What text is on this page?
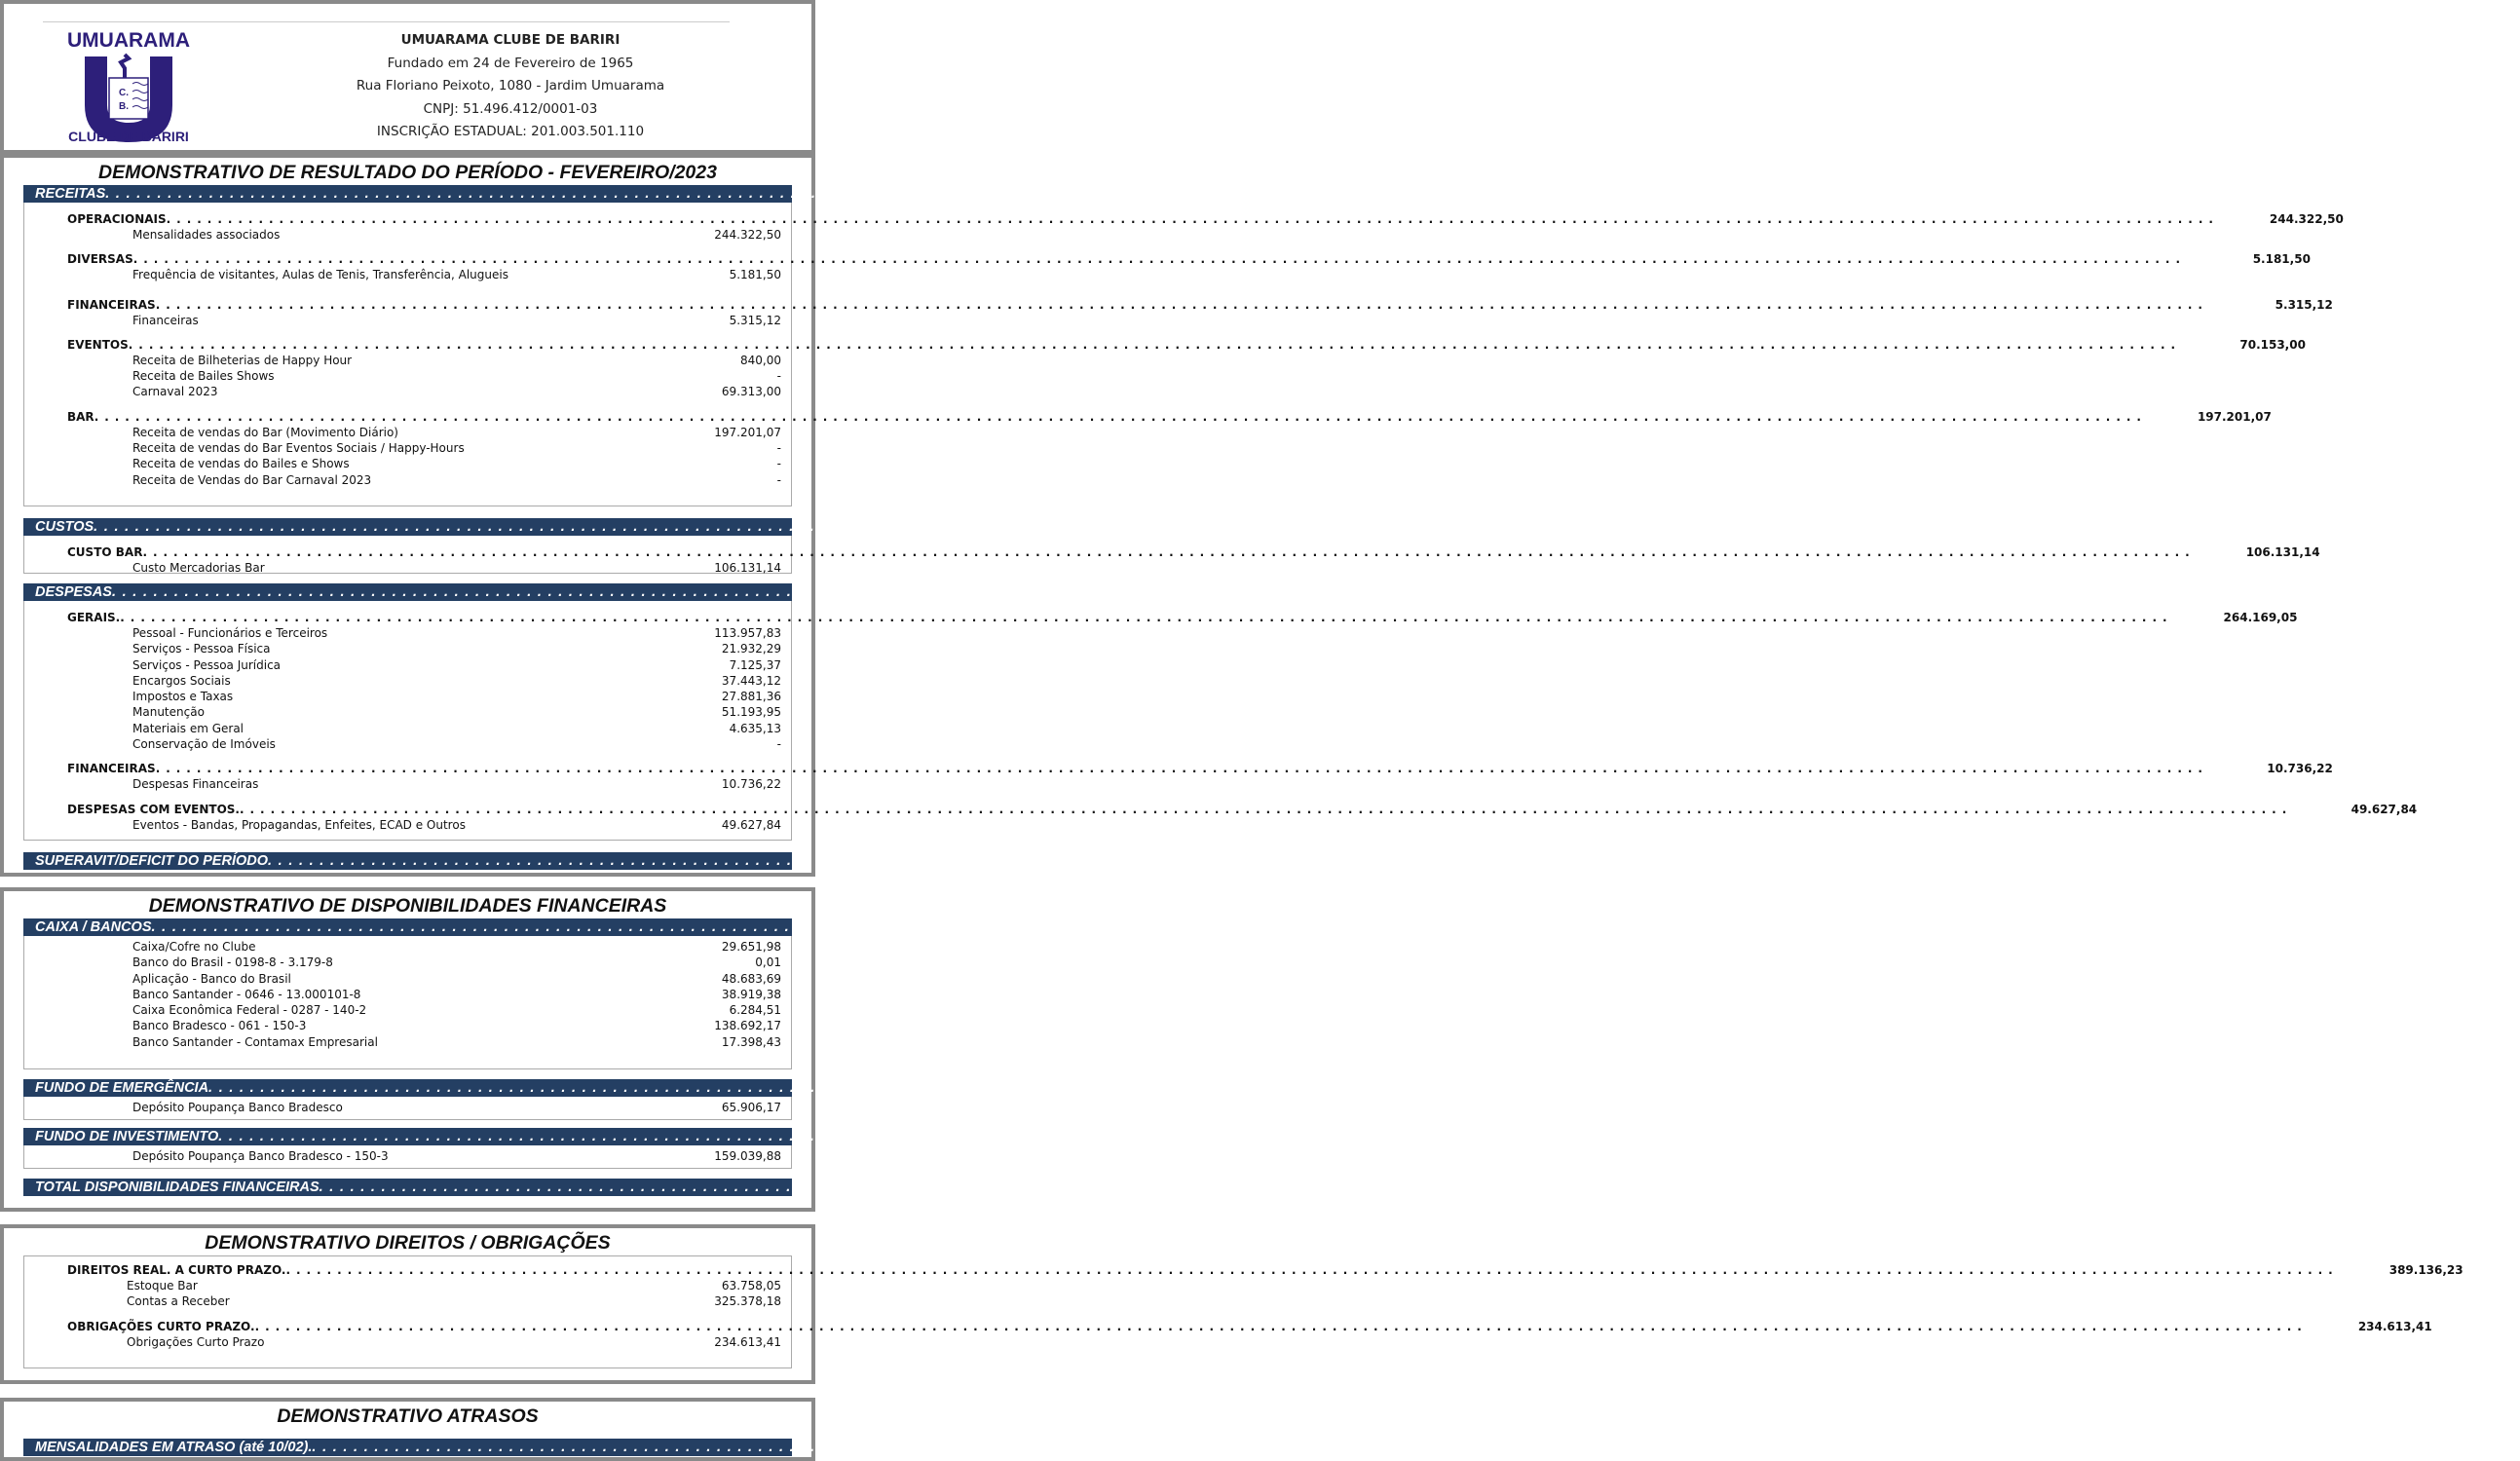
UMUARAMA
C.
B.
CLUBE DE BARIRI
UMUARAMA CLUBE DE BARIRI
Fundado em 24 de Fevereiro de 1965
Rua Floriano Peixoto, 1080 - Jardim Umuarama
CNPJ: 51.496.412/0001-03
INSCRIÇÃO ESTADUAL: 201.003.501.110
DEMONSTRATIVO DE RESULTADO DO PERÍODO - FEVEREIRO/2023
RECEITAS . . . . . . . . . . . . . . . . . . . . . . . . . . . . . . . . . . . . . . . . . . . . . . . . . . . . . . . . . . . . . . . . . . . . . . . . . . . . . . . . . . . . . . . . . . . . . . . . . . . . . . . . . . . . . . . . . . . . . . . . . . . . . . . . . . . . . . . . . . . . . . . . . . . . . . . . . . . . . . . . . . . . . . . . . . . . . . . . . . . . . . . . . . . . . . . . . . . . . . . .	522.173,19
OPERACIONAIS . . . . . . . . . . . . . . . . . . . . . . . . . . . . . . . . . . . . . . . . . . . . . . . . . . . . . . . . . . . . . . . . . . . . . . . . . . . . . . . . . . . . . . . . . . . . . . . . . . . . . . . . . . . . . . . . . . . . . . . . . . . . . . . . . . . . . . . . . . . . . . . . . . . . . . . . . . . . . . . . . . . . . . . . . . . . . . . . . . . . . . . . . . . . . . . . . . . . . . . .	244.322,50
Mensalidades associados	244.322,50
DIVERSAS . . . . . . . . . . . . . . . . . . . . . . . . . . . . . . . . . . . . . . . . . . . . . . . . . . . . . . . . . . . . . . . . . . . . . . . . . . . . . . . . . . . . . . . . . . . . . . . . . . . . . . . . . . . . . . . . . . . . . . . . . . . . . . . . . . . . . . . . . . . . . . . . . . . . . . . . . . . . . . . . . . . . . . . . . . . . . . . . . . . . . . . . . . . . . . . . . . . . . . . .	5.181,50
Frequência de visitantes, Aulas de Tenis, Transferência, Alugueis	5.181,50
FINANCEIRAS . . . . . . . . . . . . . . . . . . . . . . . . . . . . . . . . . . . . . . . . . . . . . . . . . . . . . . . . . . . . . . . . . . . . . . . . . . . . . . . . . . . . . . . . . . . . . . . . . . . . . . . . . . . . . . . . . . . . . . . . . . . . . . . . . . . . . . . . . . . . . . . . . . . . . . . . . . . . . . . . . . . . . . . . . . . . . . . . . . . . . . . . . . . . . . . . . . . . . . . .	5.315,12
Financeiras	5.315,12
EVENTOS . . . . . . . . . . . . . . . . . . . . . . . . . . . . . . . . . . . . . . . . . . . . . . . . . . . . . . . . . . . . . . . . . . . . . . . . . . . . . . . . . . . . . . . . . . . . . . . . . . . . . . . . . . . . . . . . . . . . . . . . . . . . . . . . . . . . . . . . . . . . . . . . . . . . . . . . . . . . . . . . . . . . . . . . . . . . . . . . . . . . . . . . . . . . . . . . . . . . . . . .	70.153,00
Receita de Bilheterias de Happy Hour	840,00
Receita de Bailes Shows	-
Carnaval 2023	69.313,00
BAR . . . . . . . . . . . . . . . . . . . . . . . . . . . . . . . . . . . . . . . . . . . . . . . . . . . . . . . . . . . . . . . . . . . . . . . . . . . . . . . . . . . . . . . . . . . . . . . . . . . . . . . . . . . . . . . . . . . . . . . . . . . . . . . . . . . . . . . . . . . . . . . . . . . . . . . . . . . . . . . . . . . . . . . . . . . . . . . . . . . . . . . . . . . . . . . . . . . . . . . .	197.201,07
Receita de vendas do Bar (Movimento Diário)	197.201,07
Receita de vendas do Bar Eventos Sociais / Happy-Hours	-
Receita de vendas do Bailes e Shows	-
Receita de Vendas do Bar Carnaval 2023	-
CUSTOS . . . . . . . . . . . . . . . . . . . . . . . . . . . . . . . . . . . . . . . . . . . . . . . . . . . . . . . . . . . . . . . . . . . . . . . . . . . . . . . . . . . . . . . . . . . . . . . . . . . . . . . . . . . . . . . . . . . . . . . . . . . . . . . . . . . . . . . . . . . . . . . . . . . . . . . . . . . . . . . . . . . . . . . . . . . . . . . . . . . . . . . . . . . . . . . . . . . . . . . .	106.131,14
CUSTO BAR . . . . . . . . . . . . . . . . . . . . . . . . . . . . . . . . . . . . . . . . . . . . . . . . . . . . . . . . . . . . . . . . . . . . . . . . . . . . . . . . . . . . . . . . . . . . . . . . . . . . . . . . . . . . . . . . . . . . . . . . . . . . . . . . . . . . . . . . . . . . . . . . . . . . . . . . . . . . . . . . . . . . . . . . . . . . . . . . . . . . . . . . . . . . . . . . . . . . . . . .	106.131,14
Custo Mercadorias Bar	106.131,14
DESPESAS . . . . . . . . . . . . . . . . . . . . . . . . . . . . . . . . . . . . . . . . . . . . . . . . . . . . . . . . . . . . . . . . . . . . . . . . . . . . . . . . . . . . . . . . . . . . . . . . . . . . . . . . . . . . . . . . . . . . . . . . . . . . . . . . . . . . . . . . . . . . . . . . . . . . . . . . . . . . . . . . . . . . . . . . . . . . . . . . . . . . . . . . . . . . . . . . . . . . . . . .	324.533,11
GERAIS. . . . . . . . . . . . . . . . . . . . . . . . . . . . . . . . . . . . . . . . . . . . . . . . . . . . . . . . . . . . . . . . . . . . . . . . . . . . . . . . . . . . . . . . . . . . . . . . . . . . . . . . . . . . . . . . . . . . . . . . . . . . . . . . . . . . . . . . . . . . . . . . . . . . . . . . . . . . . . . . . . . . . . . . . . . . . . . . . . . . . . . . . . . . . . . . . . . . . . . . .	264.169,05
Pessoal - Funcionários e Terceiros	113.957,83
Serviços - Pessoa Física	21.932,29
Serviços - Pessoa Jurídica	7.125,37
Encargos Sociais	37.443,12
Impostos e Taxas	27.881,36
Manutenção	51.193,95
Materiais em Geral	4.635,13
Conservação de Imóveis	-
FINANCEIRAS . . . . . . . . . . . . . . . . . . . . . . . . . . . . . . . . . . . . . . . . . . . . . . . . . . . . . . . . . . . . . . . . . . . . . . . . . . . . . . . . . . . . . . . . . . . . . . . . . . . . . . . . . . . . . . . . . . . . . . . . . . . . . . . . . . . . . . . . . . . . . . . . . . . . . . . . . . . . . . . . . . . . . . . . . . . . . . . . . . . . . . . . . . . . . . . . . . . . . . . .	10.736,22
Despesas Financeiras	10.736,22
DESPESAS COM EVENTOS. . . . . . . . . . . . . . . . . . . . . . . . . . . . . . . . . . . . . . . . . . . . . . . . . . . . . . . . . . . . . . . . . . . . . . . . . . . . . . . . . . . . . . . . . . . . . . . . . . . . . . . . . . . . . . . . . . . . . . . . . . . . . . . . . . . . . . . . . . . . . . . . . . . . . . . . . . . . . . . . . . . . . . . . . . . . . . . . . . . . . . . . . . . . . . . . . . . . . . . . .	49.627,84
Eventos - Bandas, Propagandas, Enfeites, ECAD e Outros	49.627,84
SUPERAVIT/DEFICIT DO PERÍODO . . . . . . . . . . . . . . . . . . . . . . . . . . . . . . . . . . . . . . . . . . . . . . . . . . . . . . . . . . . . . . . . . . . . . . . . . . . . . . . . . . . . . . . . . . . . . . . . . . . . . . . . . . . . . . . . . . . . . . . . . . . . . . . . . . . . . . . . . . . . . . . . . . . . . . . . . . . . . . . . . . . . . . . . . . . . . . . . . . . . . . . . . . . . . . . . . . . . . . . .	91.508,94
DEMONSTRATIVO DE DISPONIBILIDADES FINANCEIRAS
CAIXA / BANCOS . . . . . . . . . . . . . . . . . . . . . . . . . . . . . . . . . . . . . . . . . . . . . . . . . . . . . . . . . . . . . . . . . . . . . . . . . . . . . . . . . . . . . . . . . . . . . . . . . . . . . . . . . . . . . . . . . . . . . . . . . . . . . . . . . . . . . . . . . . . . . . . . . . . . . . . . . . . . . . . . . . . . . . . . . . . . . . . . . . . . . . . . . . . . . . . . . . . . . . . .	279.630,17
Caixa/Cofre no Clube	29.651,98
Banco do Brasil - 0198-8 - 3.179-8	0,01
Aplicação - Banco do Brasil	48.683,69
Banco Santander - 0646 - 13.000101-8	38.919,38
Caixa Econômica Federal - 0287 - 140-2	6.284,51
Banco Bradesco - 061 - 150-3	138.692,17
Banco Santander - Contamax Empresarial	17.398,43
FUNDO DE EMERGÊNCIA . . . . . . . . . . . . . . . . . . . . . . . . . . . . . . . . . . . . . . . . . . . . . . . . . . . . . . . . . . . . . . . . . . . . . . . . . . . . . . . . . . . . . . . . . . . . . . . . . . . . . . . . . . . . . . . . . . . . . . . . . . . . . . . . . . . . . . . . . . . . . . . . . . . . . . . . . . . . . . . . . . . . . . . . . . . . . . . . . . . . . . . . . . . . . . . . . . . . . . . .	65.906,17
Depósito Poupança Banco Bradesco	65.906,17
FUNDO DE INVESTIMENTO . . . . . . . . . . . . . . . . . . . . . . . . . . . . . . . . . . . . . . . . . . . . . . . . . . . . . . . . . . . . . . . . . . . . . . . . . . . . . . . . . . . . . . . . . . . . . . . . . . . . . . . . . . . . . . . . . . . . . . . . . . . . . . . . . . . . . . . . . . . . . . . . . . . . . . . . . . . . . . . . . . . . . . . . . . . . . . . . . . . . . . . . . . . . . . . . . . . . . . . .	159.039,88
Depósito Poupança Banco Bradesco - 150-3	159.039,88
TOTAL DISPONIBILIDADES FINANCEIRAS . . . . . . . . . . . . . . . . . . . . . . . . . . . . . . . . . . . . . . . . . . . . . . . . . . . . . . . . . . . . . . . . . . . . . . . . . . . . . . . . . . . . . . . . . . . . . . . . . . . . . . . . . . . . . . . . . . . . . . . . . . . . . . . . . . . . . . . . . . . . . . . . . . . . . . . . . . . . . . . . . . . . . . . . . . . . . . . . . . . . . . . . . . . . . . . . . . . . . . . .	504.576,22
DEMONSTRATIVO DIREITOS / OBRIGAÇÕES
DIREITOS REAL. A CURTO PRAZO. . . . . . . . . . . . . . . . . . . . . . . . . . . . . . . . . . . . . . . . . . . . . . . . . . . . . . . . . . . . . . . . . . . . . . . . . . . . . . . . . . . . . . . . . . . . . . . . . . . . . . . . . . . . . . . . . . . . . . . . . . . . . . . . . . . . . . . . . . . . . . . . . . . . . . . . . . . . . . . . . . . . . . . . . . . . . . . . . . . . . . . . . . . . . . . . . . . . . . . . .	389.136,23
Estoque Bar	63.758,05
Contas a Receber	325.378,18
OBRIGAÇÕES CURTO PRAZO. . . . . . . . . . . . . . . . . . . . . . . . . . . . . . . . . . . . . . . . . . . . . . . . . . . . . . . . . . . . . . . . . . . . . . . . . . . . . . . . . . . . . . . . . . . . . . . . . . . . . . . . . . . . . . . . . . . . . . . . . . . . . . . . . . . . . . . . . . . . . . . . . . . . . . . . . . . . . . . . . . . . . . . . . . . . . . . . . . . . . . . . . . . . . . . . . . . . . . . . .	234.613,41
Obrigações Curto Prazo	234.613,41
DEMONSTRATIVO ATRASOS
MENSALIDADES EM ATRASO (até 10/02). . . . . . . . . . . . . . . . . . . . . . . . . . . . . . . . . . . . . . . . . . . . . . . . . . . . . . . . . . . . . . . . . . . . . . . . . . . . . . . . . . . . . . . . . . . . . . . . . . . . . . . . . . . . . . . . . . . . . . . . . . . . . . . . . . . . . . . . . . . . . . . . . . . . . . . . . . . . . . . . . . . . . . . . . . . . . . . . . . . . . . . . . . . . . . . . . . . . . . . . .	9.600,00
